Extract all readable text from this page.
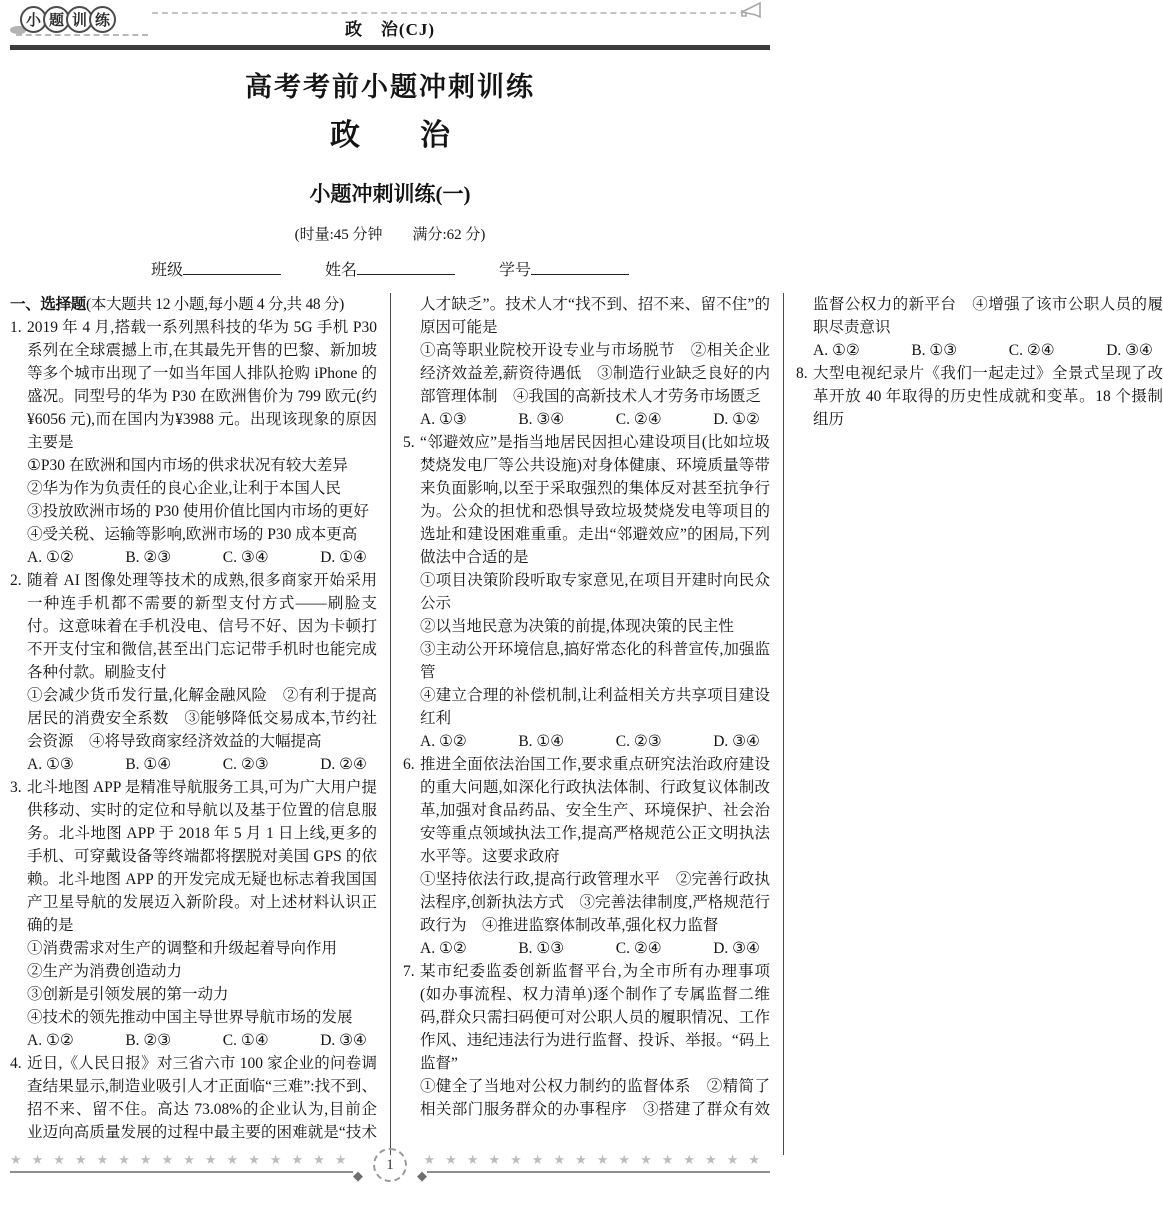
小 题 训 练	政　治(CJ)
高考考前小题冲刺训练
政　　治
小题冲刺训练(一)
(时量:45 分钟　　满分:62 分)
班级	姓名	学号
一、选择题(本大题共 12 小题,每小题 4 分,共 48 分)
1. 2019 年 4 月,搭载一系列黑科技的华为 5G 手机 P30 系列在全球震撼上市,在其最先开售的巴黎、新加坡等多个城市出现了一如当年国人排队抢购 iPhone 的盛况。同型号的华为 P30 在欧洲售价为 799 欧元(约¥6056 元),而在国内为¥3988 元。出现该现象的原因主要是
①P30 在欧洲和国内市场的供求状况有较大差异
②华为作为负责任的良心企业,让利于本国人民
③投放欧洲市场的 P30 使用价值比国内市场的更好
④受关税、运输等影响,欧洲市场的 P30 成本更高
A. ①②	B. ②③	C. ③④	D. ①④
2. 随着 AI 图像处理等技术的成熟,很多商家开始采用一种连手机都不需要的新型支付方式——刷脸支付。这意味着在手机没电、信号不好、因为卡顿打不开支付宝和微信,甚至出门忘记带手机时也能完成各种付款。刷脸支付
①会减少货币发行量,化解金融风险　②有利于提高居民的消费安全系数　③能够降低交易成本,节约社会资源　④将导致商家经济效益的大幅提高
A. ①③	B. ①④	C. ②③	D. ②④
3. 北斗地图 APP 是精准导航服务工具,可为广大用户提供移动、实时的定位和导航以及基于位置的信息服务。北斗地图 APP 于 2018 年 5 月 1 日上线,更多的手机、可穿戴设备等终端都将摆脱对美国 GPS 的依赖。北斗地图 APP 的开发完成无疑也标志着我国国产卫星导航的发展迈入新阶段。对上述材料认识正确的是
①消费需求对生产的调整和升级起着导向作用
②生产为消费创造动力
③创新是引领发展的第一动力
④技术的领先推动中国主导世界导航市场的发展
A. ①②	B. ②③	C. ①④	D. ③④
4. 近日,《人民日报》对三省六市 100 家企业的问卷调查结果显示,制造业吸引人才正面临“三难”:找不到、招不来、留不住。高达 73.08%的企业认为,目前企业迈向高质量发展的过程中最主要的困难就是“技术人才缺乏”。技术人才“找不到、招不来、留不住”的原因可能是
①高等职业院校开设专业与市场脱节　②相关企业经济效益差,薪资待遇低　③制造行业缺乏良好的内部管理体制　④我国的高新技术人才劳务市场匮乏
A. ①③	B. ③④	C. ②④	D. ①②
5. “邻避效应”是指当地居民因担心建设项目(比如垃圾焚烧发电厂等公共设施)对身体健康、环境质量等带来负面影响,以至于采取强烈的集体反对甚至抗争行为。公众的担忧和恐惧导致垃圾焚烧发电等项目的选址和建设困难重重。走出“邻避效应”的困局,下列做法中合适的是
①项目决策阶段听取专家意见,在项目开建时向民众公示
②以当地民意为决策的前提,体现决策的民主性
③主动公开环境信息,搞好常态化的科普宣传,加强监管
④建立合理的补偿机制,让利益相关方共享项目建设红利
A. ①②	B. ①④	C. ②③	D. ③④
6. 推进全面依法治国工作,要求重点研究法治政府建设的重大问题,如深化行政执法体制、行政复议体制改革,加强对食品药品、安全生产、环境保护、社会治安等重点领域执法工作,提高严格规范公正文明执法水平等。这要求政府
①坚持依法行政,提高行政管理水平　②完善行政执法程序,创新执法方式　③完善法律制度,严格规范行政行为　④推进监察体制改革,强化权力监督
A. ①②	B. ①③	C. ②④	D. ③④
7. 某市纪委监委创新监督平台,为全市所有办理事项(如办事流程、权力清单)逐个制作了专属监督二维码,群众只需扫码便可对公职人员的履职情况、工作作风、违纪违法行为进行监督、投诉、举报。“码上监督”
①健全了当地对公权力制约的监督体系　②精简了相关部门服务群众的办事程序　③搭建了群众有效监督公权力的新平台　④增强了该市公职人员的履职尽责意识
A. ①②	B. ①③	C. ②④	D. ③④
8. 大型电视纪录片《我们一起走过》全景式呈现了改革开放 40 年取得的历史性成就和变革。18 个摄制组历
★★★★★★★★★★★★★★★★
◆
1	★★★★★★★★★★★★★★★★
◆
